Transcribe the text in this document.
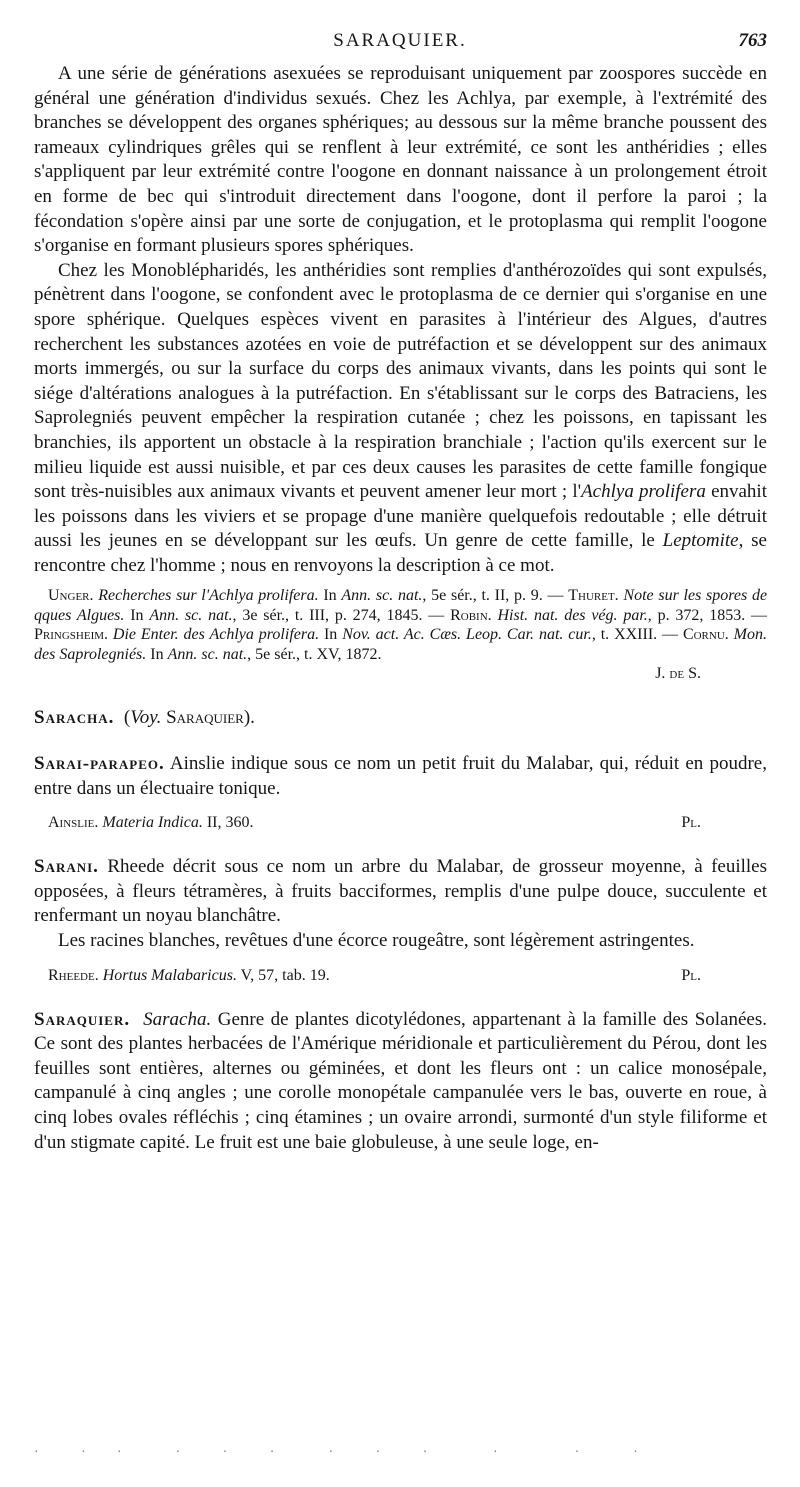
SARAQUIER.	763

A une série de générations asexuées se reproduisant uniquement par zoospores succède en général une génération d'individus sexués. Chez les Achlya, par exemple, à l'extrémité des branches se développent des organes sphériques; au dessous sur la même branche poussent des rameaux cylindriques grêles qui se renflent à leur extrémité, ce sont les anthéridies ; elles s'appliquent par leur extrémité contre l'oogone en donnant naissance à un prolongement étroit en forme de bec qui s'introduit directement dans l'oogone, dont il perfore la paroi ; la fécondation s'opère ainsi par une sorte de conjugation, et le protoplasma qui remplit l'oogone s'organise en formant plusieurs spores sphériques.

Chez les Monoblépharidés, les anthéridies sont remplies d'anthérozoïdes qui sont expulsés, pénètrent dans l'oogone, se confondent avec le protoplasma de ce dernier qui s'organise en une spore sphérique. Quelques espèces vivent en parasites à l'intérieur des Algues, d'autres recherchent les substances azotées en voie de putréfaction et se développent sur des animaux morts immergés, ou sur la surface du corps des animaux vivants, dans les points qui sont le siége d'altérations analogues à la putréfaction. En s'établissant sur le corps des Batraciens, les Saprolegniés peuvent empêcher la respiration cutanée ; chez les poissons, en tapissant les branchies, ils apportent un obstacle à la respiration branchiale ; l'action qu'ils exercent sur le milieu liquide est aussi nuisible, et par ces deux causes les parasites de cette famille fongique sont très-nuisibles aux animaux vivants et peuvent amener leur mort ; l'Achlya prolifera envahit les poissons dans les viviers et se propage d'une manière quelquefois redoutable ; elle détruit aussi les jeunes en se développant sur les œufs. Un genre de cette famille, le Leptomite, se rencontre chez l'homme ; nous en renvoyons la description à ce mot.

Unger. Recherches sur l'Achlya prolifera. In Ann. sc. nat., 5e sér., t. II, p. 9. — Thuret. Note sur les spores de qques Algues. In Ann. sc. nat., 3e sér., t. III, p. 274, 1845. — Robin. Hist. nat. des vég. par., p. 372, 1853. — Pringsheim. Die Enter. des Achlya prolifera. In Nov. act. Ac. Cæs. Leop. Car. nat. cur., t. XXIII. — Cornu. Mon. des Saprolegniés. In Ann. sc. nat., 5e sér., t. XV, 1872.

J. de S.

Saracha. (Voy. Saraquier).

Sarai-parapeo. Ainslie indique sous ce nom un petit fruit du Malabar, qui, réduit en poudre, entre dans un électuaire tonique.

Ainslie. Materia Indica. II, 360.	Pl.

Sarani. Rheede décrit sous ce nom un arbre du Malabar, de grosseur moyenne, à feuilles opposées, à fleurs tétramères, à fruits bacciformes, remplis d'une pulpe douce, succulente et renfermant un noyau blanchâtre.

Les racines blanches, revêtues d'une écorce rougeâtre, sont légèrement astringentes.

Rheede. Hortus Malabaricus. V, 57, tab. 19.	Pl.

Saraquier. Saracha. Genre de plantes dicotylédones, appartenant à la famille des Solanées. Ce sont des plantes herbacées de l'Amérique méridionale et particulièrement du Pérou, dont les feuilles sont entières, alternes ou géminées, et dont les fleurs ont : un calice monosépale, campanulé à cinq angles ; une corolle monopétale campanulée vers le bas, ouverte en roue, à cinq lobes ovales réfléchis ; cinq étamines ; un ovaire arrondi, surmonté d'un style filiforme et d'un stigmate capité. Le fruit est une baie globuleuse, à une seule loge, en-

·   ·  ·    ·   ·   ·    ·   ·   ·     ·      ·    ·
